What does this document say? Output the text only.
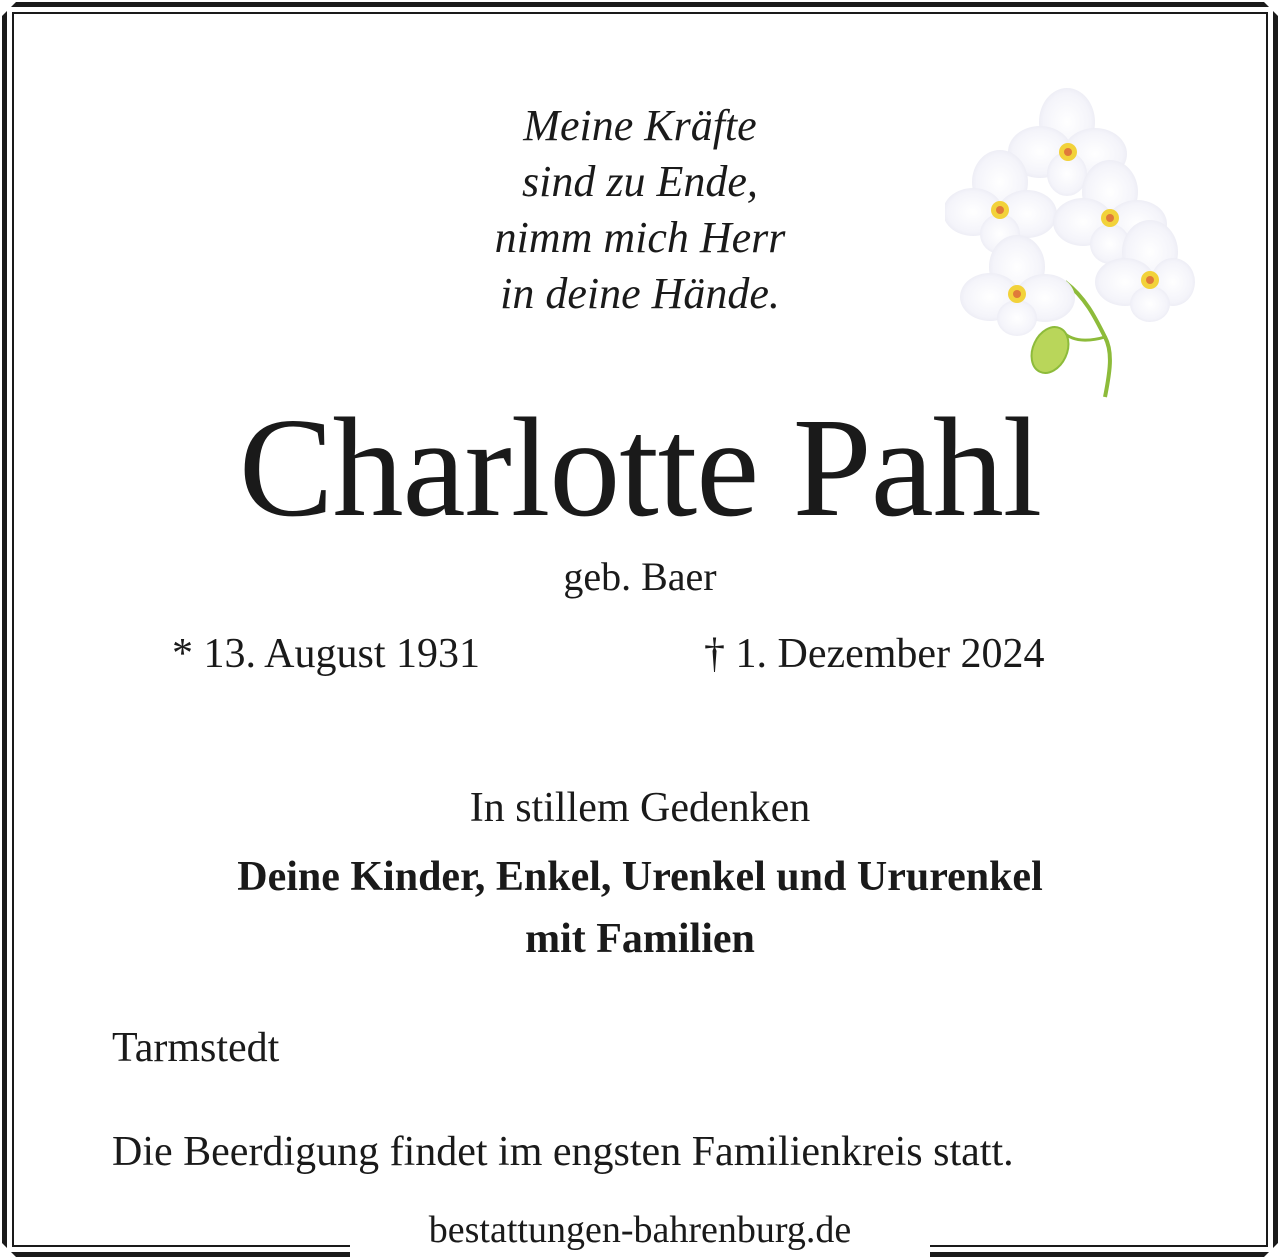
Meine Kräfte
sind zu Ende,
nimm mich Herr
in deine Hände.
Charlotte Pahl
geb. Baer
* 13. August 1931	† 1. Dezember 2024
In stillem Gedenken
Deine Kinder, Enkel, Urenkel und Ururenkel
mit Familien
Tarmstedt
Die Beerdigung findet im engsten Familienkreis statt.
bestattungen-bahrenburg.de
